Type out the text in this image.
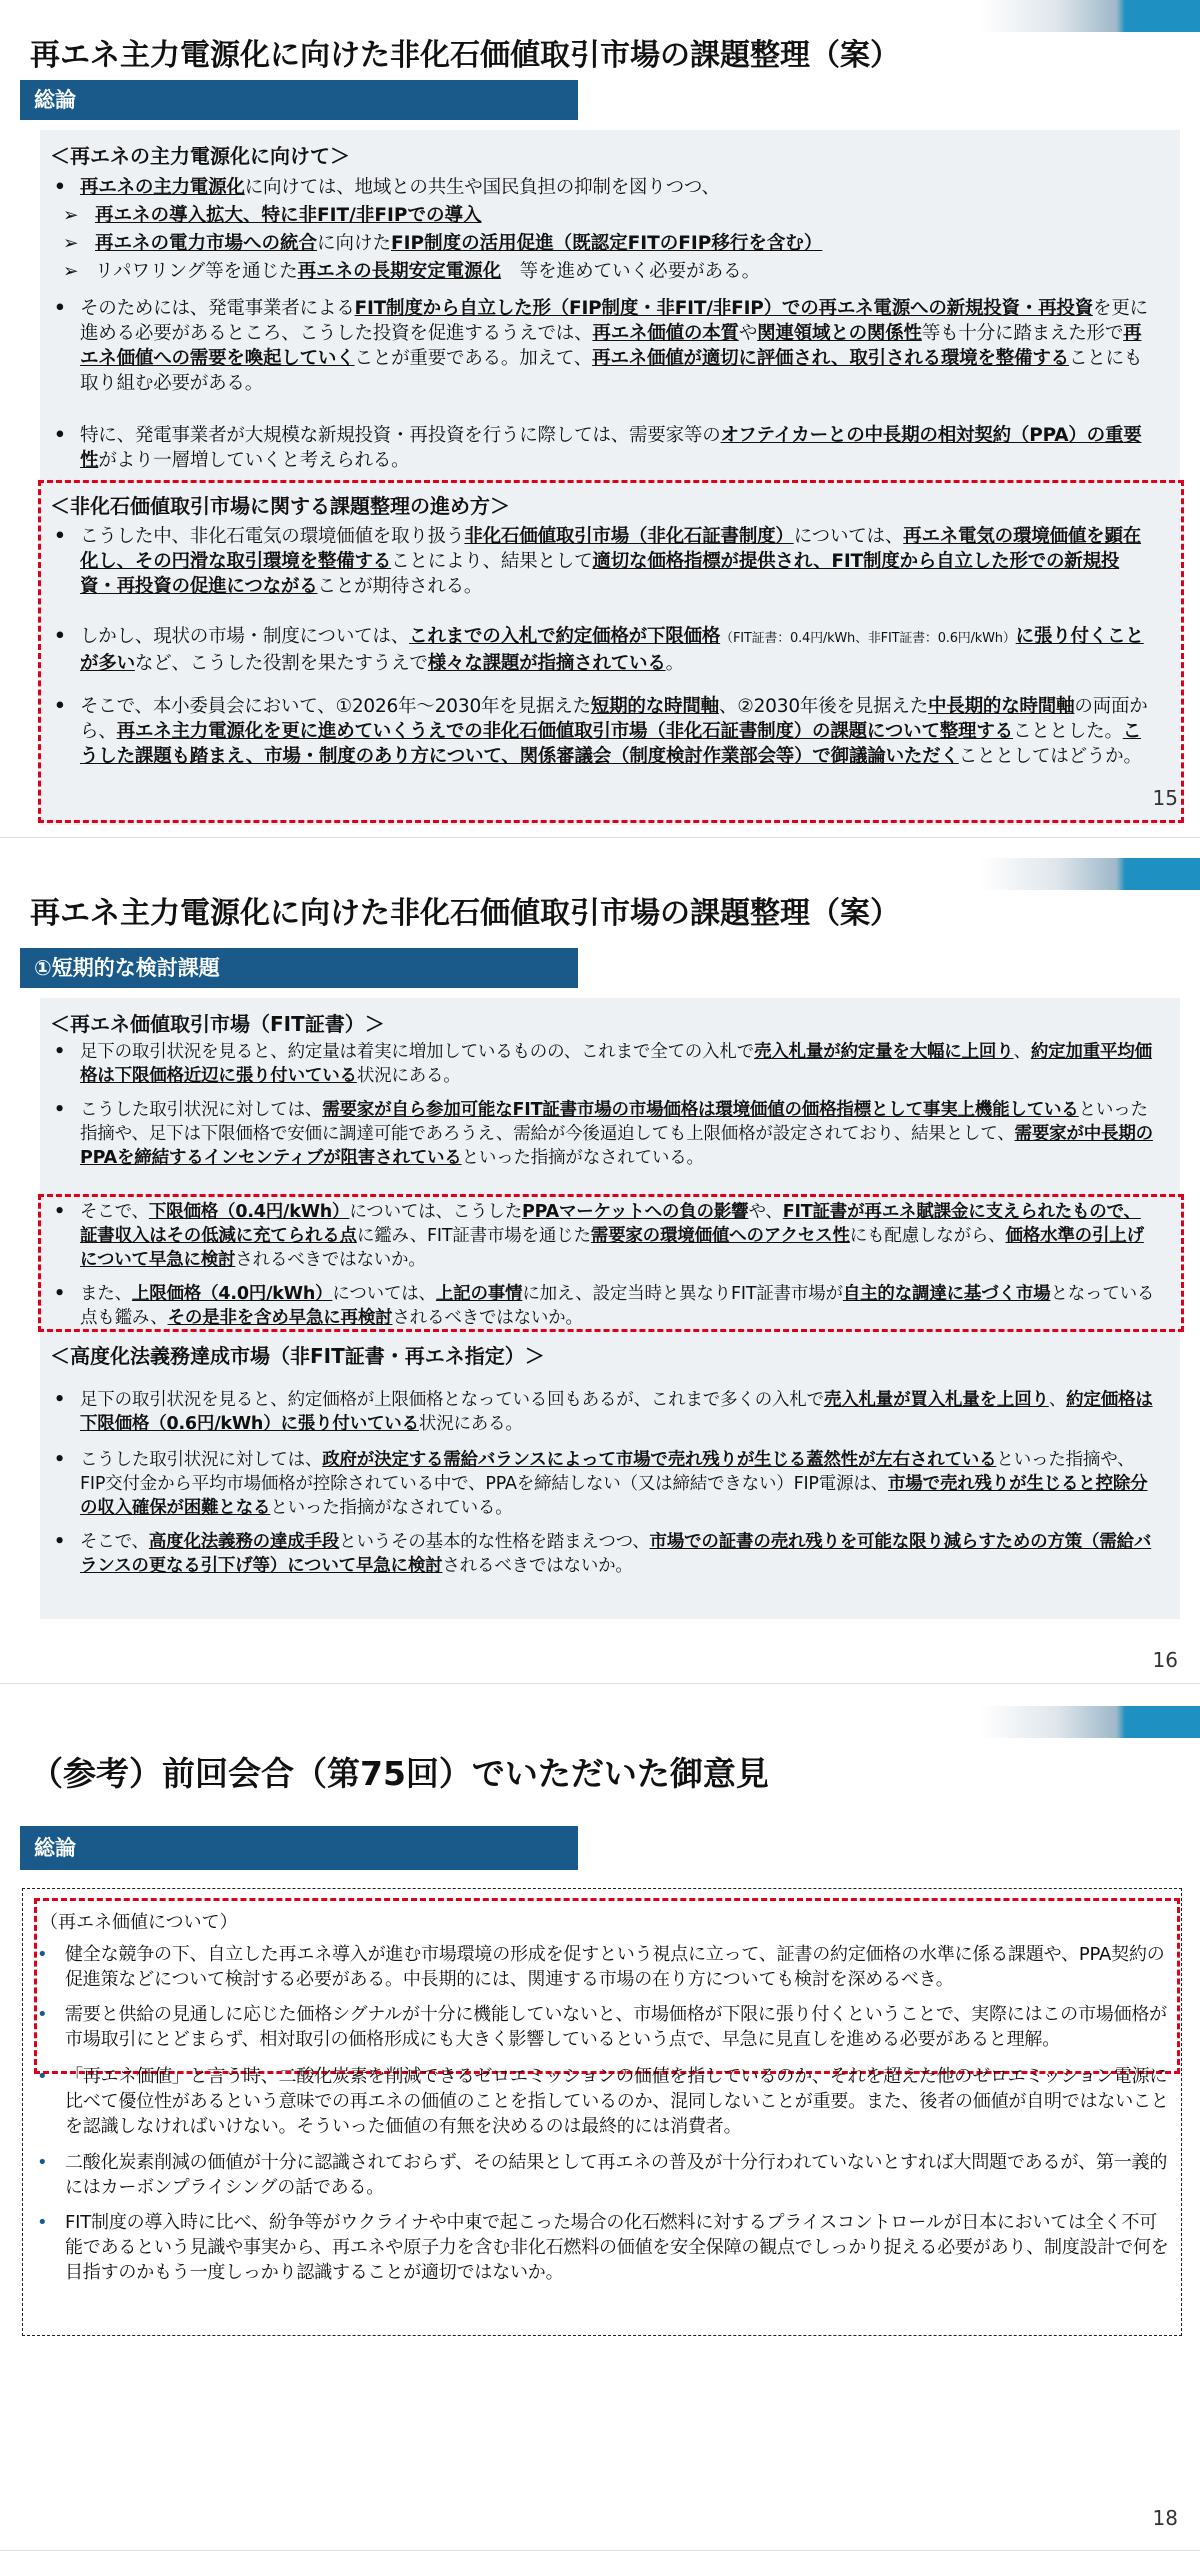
再エネ主力電源化に向けた非化石価値取引市場の課題整理（案）
総論
＜再エネの主力電源化に向けて＞
• 再エネの主力電源化に向けては、地域との共生や国民負担の抑制を図りつつ、
➢ 再エネの導入拡大、特に非FIT/非FIPでの導入
➢ 再エネの電力市場への統合に向けたFIP制度の活用促進（既認定FITのFIP移行を含む）
➢ リパワリング等を通じた再エネの長期安定電源化　等を進めていく必要がある。
• そのためには、発電事業者によるFIT制度から自立した形（FIP制度・非FIT/非FIP）での再エネ電源への新規投資・再投資を更に進める必要があるところ、こうした投資を促進するうえでは、再エネ価値の本質や関連領域との関係性等も十分に踏まえた形で再エネ価値への需要を喚起していくことが重要である。加えて、再エネ価値が適切に評価され、取引される環境を整備することにも取り組む必要がある。
• 特に、発電事業者が大規模な新規投資・再投資を行うに際しては、需要家等のオフテイカーとの中長期の相対契約（PPA）の重要性がより一層増していくと考えられる。
＜非化石価値取引市場に関する課題整理の進め方＞
• こうした中、非化石電気の環境価値を取り扱う非化石価値取引市場（非化石証書制度）については、再エネ電気の環境価値を顕在化し、その円滑な取引環境を整備することにより、結果として適切な価格指標が提供され、FIT制度から自立した形での新規投資・再投資の促進につながることが期待される。
• しかし、現状の市場・制度については、これまでの入札で約定価格が下限価格（FIT証書：0.4円/kWh、非FIT証書：0.6円/kWh）に張り付くことが多いなど、こうした役割を果たすうえで様々な課題が指摘されている。
• そこで、本小委員会において、①2026年～2030年を見据えた短期的な時間軸、②2030年後を見据えた中長期的な時間軸の両面から、再エネ主力電源化を更に進めていくうえでの非化石価値取引市場（非化石証書制度）の課題について整理することとした。こうした課題も踏まえ、市場・制度のあり方について、関係審議会（制度検討作業部会等）で御議論いただくこととしてはどうか。
15
再エネ主力電源化に向けた非化石価値取引市場の課題整理（案）
①短期的な検討課題
＜再エネ価値取引市場（FIT証書）＞
• 足下の取引状況を見ると、約定量は着実に増加しているものの、これまで全ての入札で売入札量が約定量を大幅に上回り、約定加重平均価格は下限価格近辺に張り付いている状況にある。
• こうした取引状況に対しては、需要家が自ら参加可能なFIT証書市場の市場価格は環境価値の価格指標として事実上機能しているといった指摘や、足下は下限価格で安価に調達可能であろうえ、需給が今後逼迫しても上限価格が設定されており、結果として、需要家が中長期のPPAを締結するインセンティブが阻害されているといった指摘がなされている。
• そこで、下限価格（0.4円/kWh）については、こうしたPPAマーケットへの負の影響や、FIT証書が再エネ賦課金に支えられたもので、証書収入はその低減に充てられる点に鑑み、FIT証書市場を通じた需要家の環境価値へのアクセス性にも配慮しながら、価格水準の引上げについて早急に検討されるべきではないか。
• また、上限価格（4.0円/kWh）については、上記の事情に加え、設定当時と異なりFIT証書市場が自主的な調達に基づく市場となっている点も鑑み、その是非を含め早急に再検討されるべきではないか。
＜高度化法義務達成市場（非FIT証書・再エネ指定）＞
• 足下の取引状況を見ると、約定価格が上限価格となっている回もあるが、これまで多くの入札で売入札量が買入札量を上回り、約定価格は下限価格（0.6円/kWh）に張り付いている状況にある。
• こうした取引状況に対しては、政府が決定する需給バランスによって市場で売れ残りが生じる蓋然性が左右されているといった指摘や、FIP交付金から平均市場価格が控除されている中で、PPAを締結しない（又は締結できない）FIP電源は、市場で売れ残りが生じると控除分の収入確保が困難となるといった指摘がなされている。
• そこで、高度化法義務の達成手段というその基本的な性格を踏まえつつ、市場での証書の売れ残りを可能な限り減らすための方策（需給バランスの更なる引下げ等）について早急に検討されるべきではないか。
16
（参考）前回会合（第75回）でいただいた御意見
総論
（再エネ価値について）
• 健全な競争の下、自立した再エネ導入が進む市場環境の形成を促すという視点に立って、証書の約定価格の水準に係る課題や、PPA契約の促進策などについて検討する必要がある。中長期的には、関連する市場の在り方についても検討を深めるべき。
• 需要と供給の見通しに応じた価格シグナルが十分に機能していないと、市場価格が下限に張り付くということで、実際にはこの市場価格が市場取引にとどまらず、相対取引の価格形成にも大きく影響しているという点で、早急に見直しを進める必要があると理解。
• 「再エネ価値」と言う時、二酸化炭素を削減できるゼロエミッションの価値を指しているのか、それを超えた他のゼロエミッション電源に比べて優位性があるという意味での再エネの価値のことを指しているのか、混同しないことが重要。また、後者の価値が自明ではないことを認識しなければいけない。そういった価値の有無を決めるのは最終的には消費者。
• 二酸化炭素削減の価値が十分に認識されておらず、その結果として再エネの普及が十分行われていないとすれば大問題であるが、第一義的にはカーボンプライシングの話である。
• FIT制度の導入時に比べ、紛争等がウクライナや中東で起こった場合の化石燃料に対するプライスコントロールが日本においては全く不可能であるという見識や事実から、再エネや原子力を含む非化石燃料の価値を安全保障の観点でしっかり捉える必要があり、制度設計で何を目指すのかもう一度しっかり認識することが適切ではないか。
18
